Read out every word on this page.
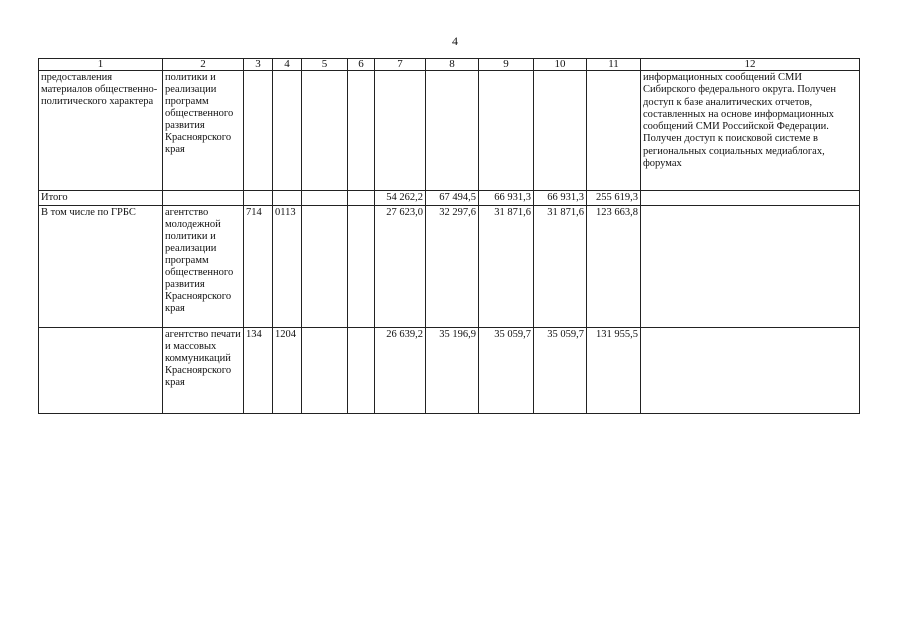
4
1	2	3	4	5	6	7	8	9	10	11	12
предоставления материалов общественно-политического характера	политики и реализации программ общественного развития Красноярского края										информационных сообщений СМИ Сибирского федерального округа. Получен доступ к базе аналитических отчетов, составленных на основе информационных сообщений СМИ Российской Федерации. Получен доступ к поисковой системе в региональных социальных медиаблогах, форумах
Итого						54 262,2	67 494,5	66 931,3	66 931,3	255 619,3	
В том числе по ГРБС	агентство молодежной политики и реализации программ общественного развития Красноярского края	714	0113			27 623,0	32 297,6	31 871,6	31 871,6	123 663,8	
	агентство печати и массовых коммуникаций Красноярского края	134	1204			26 639,2	35 196,9	35 059,7	35 059,7	131 955,5	
